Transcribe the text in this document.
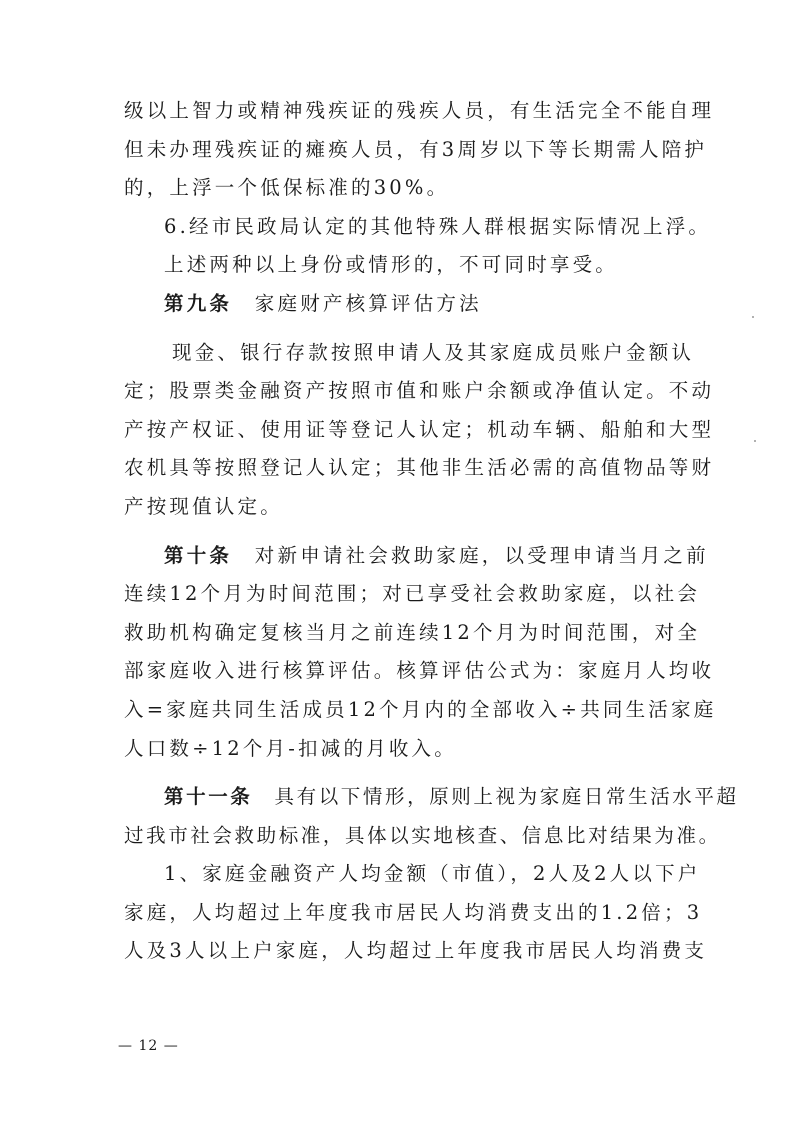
级以上智力或精神残疾证的残疾人员，有生活完全不能自理
但未办理残疾证的瘫痪人员，有3周岁以下等长期需人陪护
的，上浮一个低保标准的30%。
6.经市民政局认定的其他特殊人群根据实际情况上浮。
上述两种以上身份或情形的，不可同时享受。
第九条　家庭财产核算评估方法
现金、银行存款按照申请人及其家庭成员账户金额认
定；股票类金融资产按照市值和账户余额或净值认定。不动
产按产权证、使用证等登记人认定；机动车辆、船舶和大型
农机具等按照登记人认定；其他非生活必需的高值物品等财
产按现值认定。
第十条　对新申请社会救助家庭，以受理申请当月之前
连续12个月为时间范围；对已享受社会救助家庭，以社会
救助机构确定复核当月之前连续12个月为时间范围，对全
部家庭收入进行核算评估。核算评估公式为：家庭月人均收
入=家庭共同生活成员12个月内的全部收入÷共同生活家庭
人口数÷12个月-扣减的月收入。
第十一条　具有以下情形，原则上视为家庭日常生活水平超
过我市社会救助标准，具体以实地核查、信息比对结果为准。
1、家庭金融资产人均金额（市值），2人及2人以下户
家庭，人均超过上年度我市居民人均消费支出的1.2倍；3
人及3人以上户家庭，人均超过上年度我市居民人均消费支
— 12 —
